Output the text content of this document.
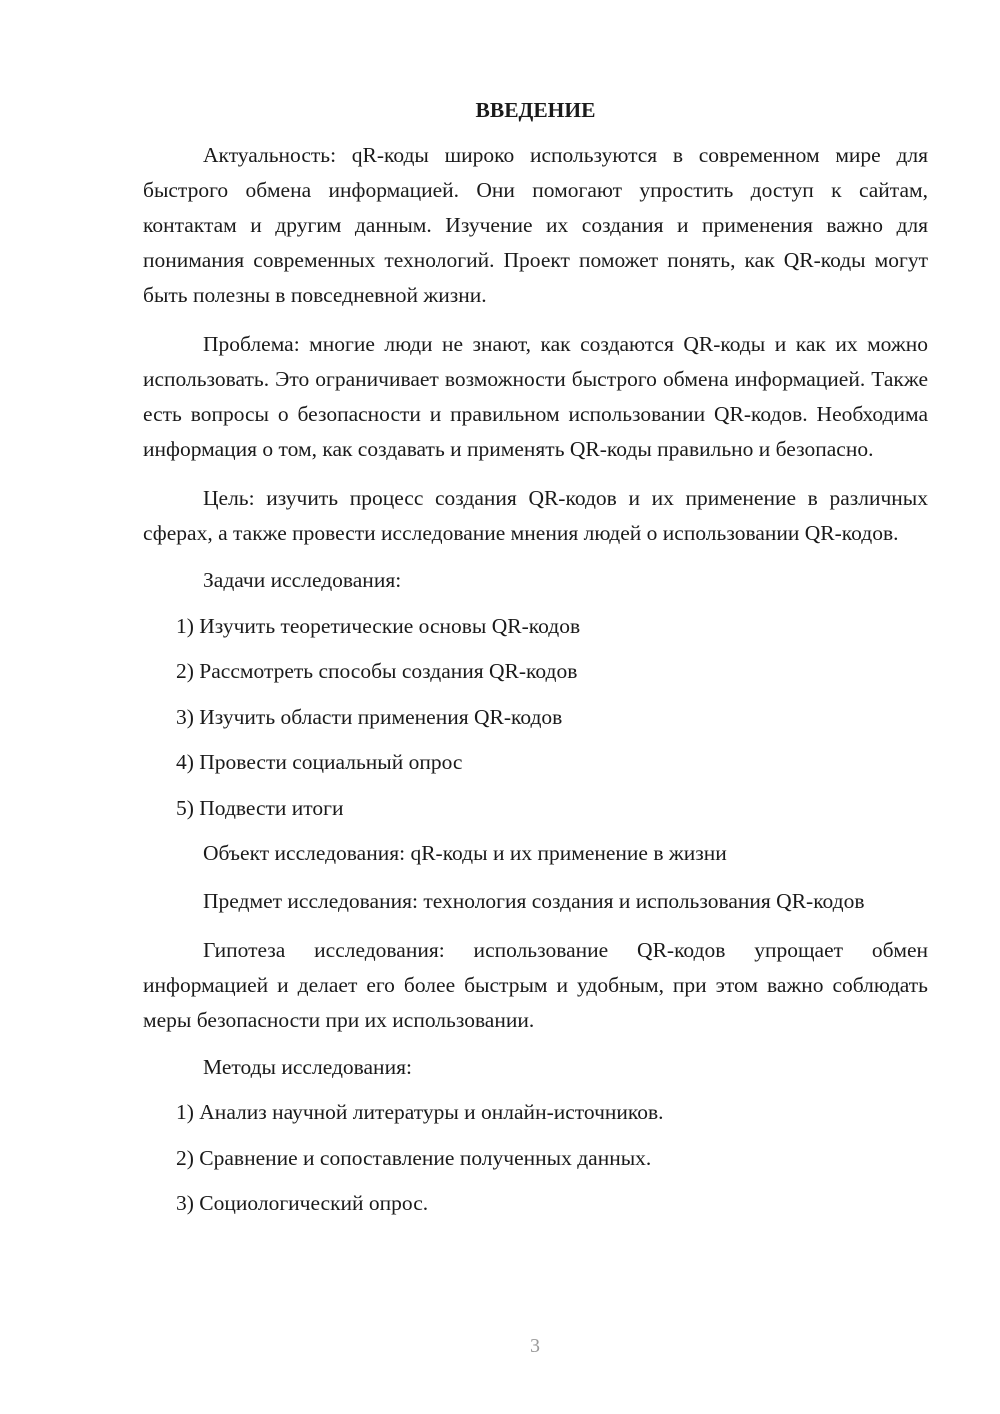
ВВЕДЕНИЕ

Актуальность: qR-коды широко используются в современном мире для быстрого обмена информацией. Они помогают упростить доступ к сайтам, контактам и другим данным. Изучение их создания и применения важно для понимания современных технологий. Проект поможет понять, как QR-коды могут быть полезны в повседневной жизни.

Проблема: многие люди не знают, как создаются QR-коды и как их можно использовать. Это ограничивает возможности быстрого обмена информацией. Также есть вопросы о безопасности и правильном использовании QR-кодов. Необходима информация о том, как создавать и применять QR-коды правильно и безопасно.

Цель: изучить процесс создания QR-кодов и их применение в различных сферах, а также провести исследование мнения людей о использовании QR-кодов.

Задачи исследования:
1) Изучить теоретические основы QR-кодов
2) Рассмотреть способы создания QR-кодов
3) Изучить области применения QR-кодов
4) Провести социальный опрос
5) Подвести итоги
Объект исследования: qR-коды и их применение в жизни

Предмет исследования: технология создания и использования QR-кодов

Гипотеза исследования: использование QR-кодов упрощает обмен информацией и делает его более быстрым и удобным, при этом важно соблюдать меры безопасности при их использовании.

Методы исследования:
1) Анализ научной литературы и онлайн-источников.
2) Сравнение и сопоставление полученных данных.
3) Социологический опрос.
3
